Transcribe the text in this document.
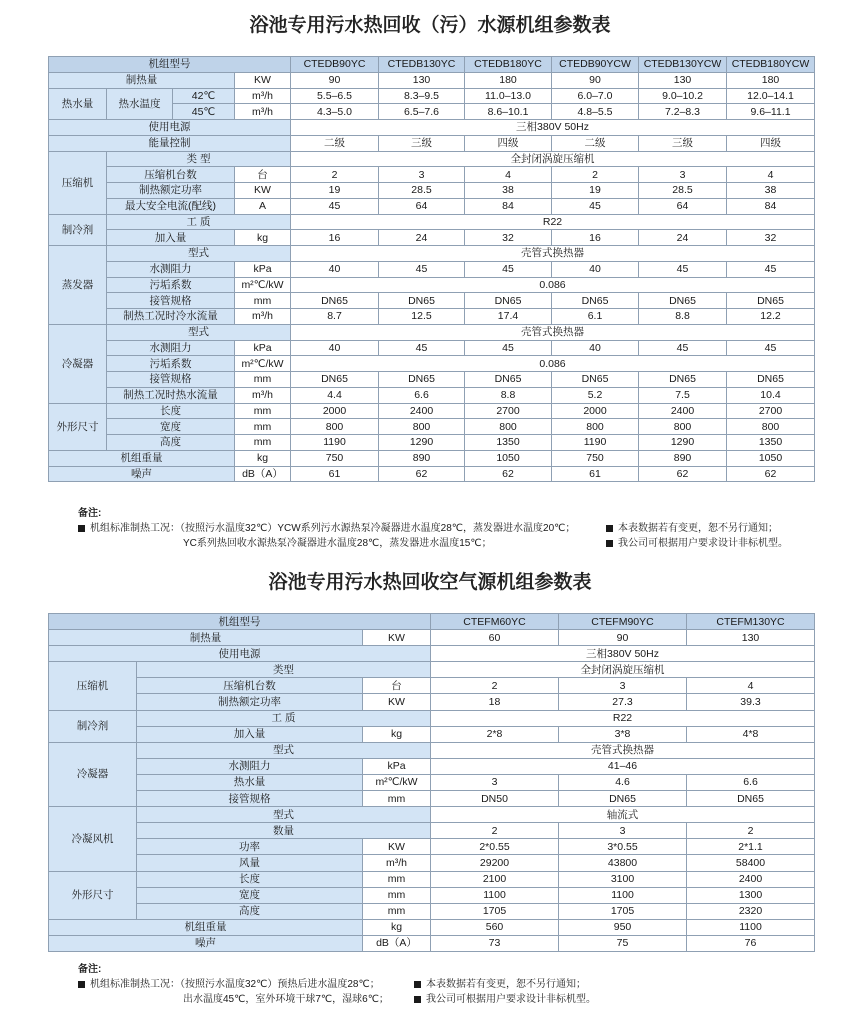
浴池专用污水热回收（污）水源机组参数表
机组型号				CTEDB90YC	CTEDB130YC	CTEDB180YC	CTEDB90YCW	CTEDB130YCW	CTEDB180YCW
制热量			KW	90	130	180	90	130	180
热水量	热水温度	42℃	m³/h	5.5–6.5	8.3–9.5	11.0–13.0	6.0–7.0	9.0–10.2	12.0–14.1
		45℃	m³/h	4.3–5.0	6.5–7.6	8.6–10.1	4.8–5.5	7.2–8.3	9.6–11.1
使用电源				三相380V 50Hz					
能量控制				二级	三级	四级	二级	三级	四级
压缩机	类 型			全封闭涡旋压缩机					
	压缩机台数		台	2	3	4	2	3	4
	制热额定功率		KW	19	28.5	38	19	28.5	38
	最大安全电流(配线)		A	45	64	84	45	64	84
制冷剂	工 质			R22					
	加入量		kg	16	24	32	16	24	32
蒸发器	型式			壳管式换热器					
	水测阻力		kPa	40	45	45	40	45	45
	污垢系数		m²℃/kW	0.086					
	接管规格		mm	DN65	DN65	DN65	DN65	DN65	DN65
	制热工况时冷水流量		m³/h	8.7	12.5	17.4	6.1	8.8	12.2
冷凝器	型式			壳管式换热器					
	水测阻力		kPa	40	45	45	40	45	45
	污垢系数		m²℃/kW	0.086					
	接管规格		mm	DN65	DN65	DN65	DN65	DN65	DN65
	制热工况时热水流量		m³/h	4.4	6.6	8.8	5.2	7.5	10.4
外形尺寸	长度		mm	2000	2400	2700	2000	2400	2700
	宽度		mm	800	800	800	800	800	800
	高度		mm	1190	1290	1350	1190	1290	1350
机组重量			kg	750	890	1050	750	890	1050
噪声			dB（A）	61	62	62	61	62	62
备注:
机组标准制热工况：（按照污水温度32℃）YCW系列污水源热泵冷凝器进水温度28℃，蒸发器进水温度20℃；
YC系列热回收水源热泵冷凝器进水温度28℃，蒸发器进水温度15℃；
本表数据若有变更，恕不另行通知；
我公司可根据用户要求设计非标机型。
浴池专用污水热回收空气源机组参数表
机组型号			CTEFM60YC	CTEFM90YC	CTEFM130YC
制热量		KW	60	90	130
使用电源			三相380V 50Hz		
压缩机	类型		全封闭涡旋压缩机		
	压缩机台数	台	2	3	4
	制热额定功率	KW	18	27.3	39.3
制冷剂	工 质		R22		
	加入量	kg	2*8	3*8	4*8
冷凝器	型式		壳管式换热器		
	水测阻力	kPa	41–46		
	热水量	m²℃/kW	3	4.6	6.6
	接管规格	mm	DN50	DN65	DN65
冷凝风机	型式		轴流式		
	数量		2	3	2
	功率	KW	2*0.55	3*0.55	2*1.1
	风量	m³/h	29200	43800	58400
外形尺寸	长度	mm	2100	3100	2400
	宽度	mm	1100	1100	1300
	高度	mm	1705	1705	2320
机组重量		kg	560	950	1100
噪声		dB（A）	73	75	76
备注:
机组标准制热工况：（按照污水温度32℃）预热后进水温度28℃；
出水温度45℃，室外环境干球7℃，湿球6℃；
本表数据若有变更，恕不另行通知；
我公司可根据用户要求设计非标机型。
